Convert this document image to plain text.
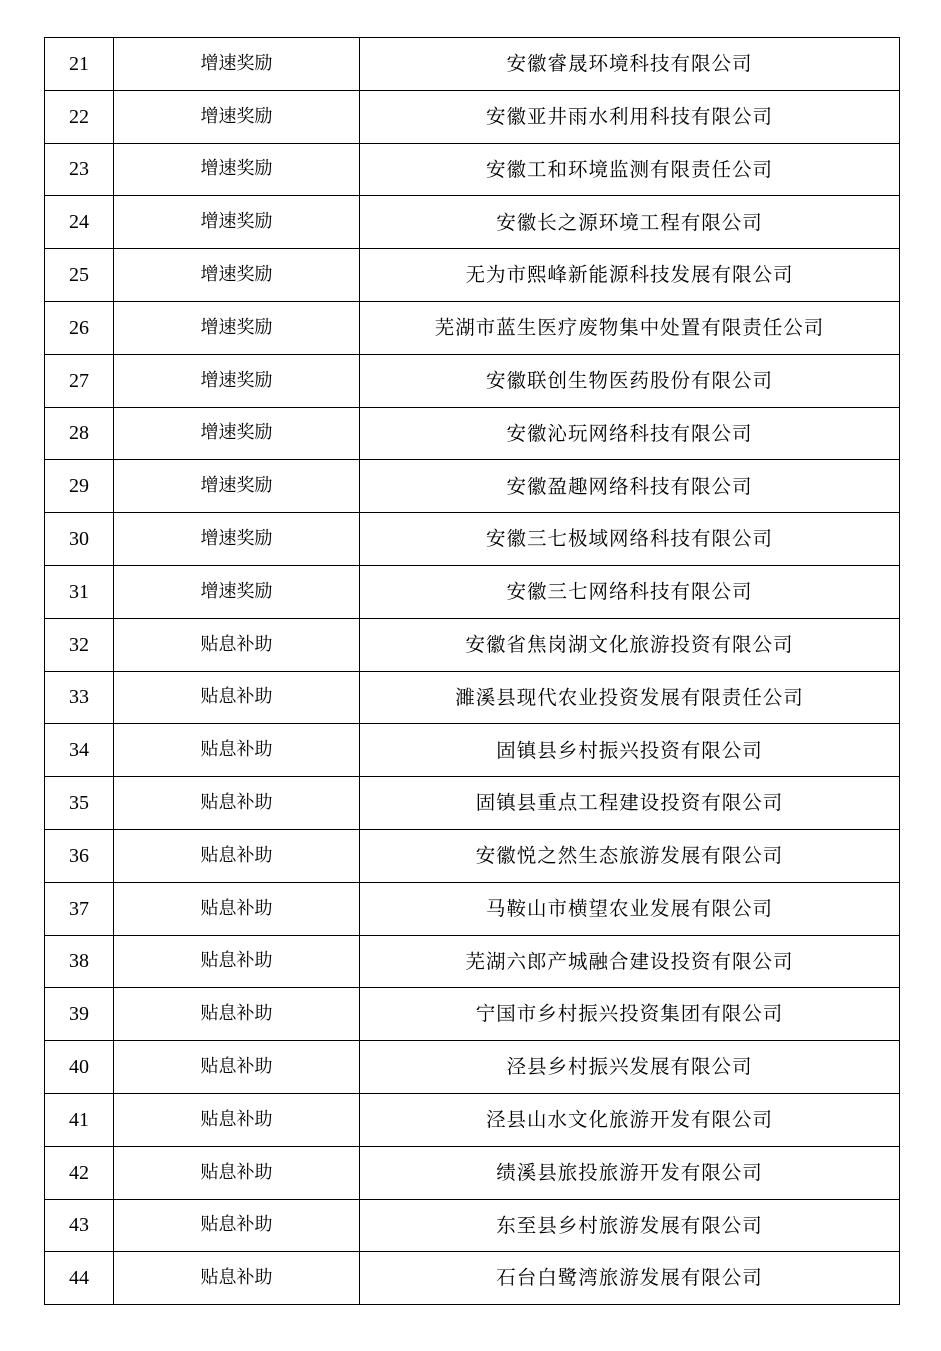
21	增速奖励	安徽睿晟环境科技有限公司
22	增速奖励	安徽亚井雨水利用科技有限公司
23	增速奖励	安徽工和环境监测有限责任公司
24	增速奖励	安徽长之源环境工程有限公司
25	增速奖励	无为市熙峰新能源科技发展有限公司
26	增速奖励	芜湖市蓝生医疗废物集中处置有限责任公司
27	增速奖励	安徽联创生物医药股份有限公司
28	增速奖励	安徽沁玩网络科技有限公司
29	增速奖励	安徽盈趣网络科技有限公司
30	增速奖励	安徽三七极域网络科技有限公司
31	增速奖励	安徽三七网络科技有限公司
32	贴息补助	安徽省焦岗湖文化旅游投资有限公司
33	贴息补助	濉溪县现代农业投资发展有限责任公司
34	贴息补助	固镇县乡村振兴投资有限公司
35	贴息补助	固镇县重点工程建设投资有限公司
36	贴息补助	安徽悦之然生态旅游发展有限公司
37	贴息补助	马鞍山市横望农业发展有限公司
38	贴息补助	芜湖六郎产城融合建设投资有限公司
39	贴息补助	宁国市乡村振兴投资集团有限公司
40	贴息补助	泾县乡村振兴发展有限公司
41	贴息补助	泾县山水文化旅游开发有限公司
42	贴息补助	绩溪县旅投旅游开发有限公司
43	贴息补助	东至县乡村旅游发展有限公司
44	贴息补助	石台白鹭湾旅游发展有限公司
